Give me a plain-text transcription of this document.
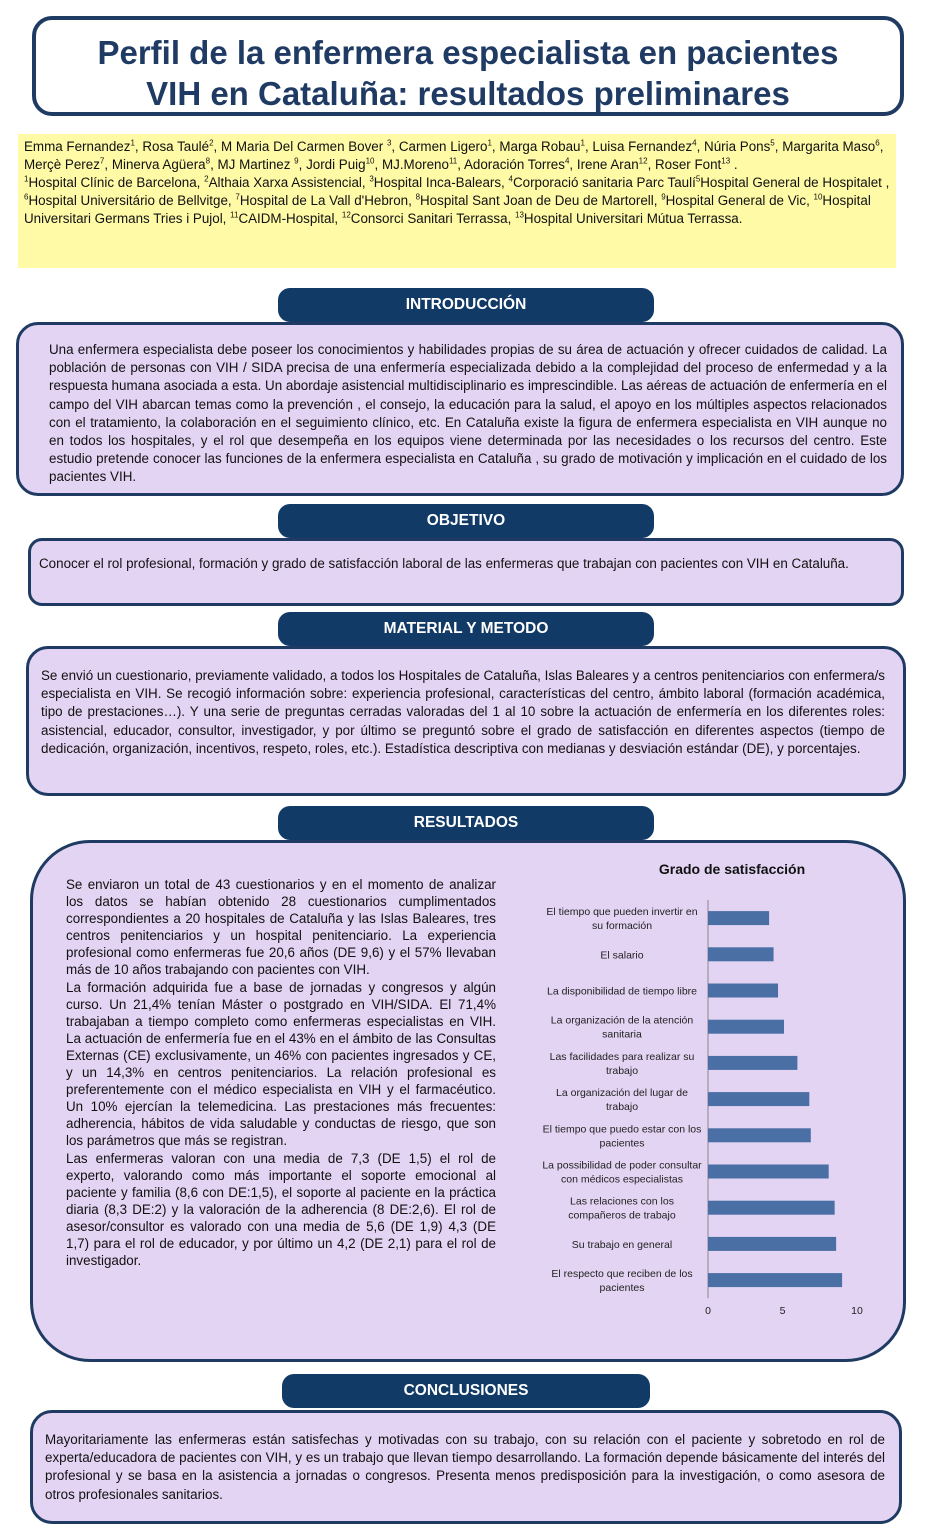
Perfil de la enfermera especialista en pacientes
VIH en Cataluña: resultados preliminares
Emma Fernandez$^1$, Rosa Taulé$^2$, M Maria Del Carmen Bover $^3$, Carmen Ligero$^1$, Marga Robau$^1$, Luisa Fernandez$^4$, Núria Pons$^5$, Margarita Maso$^6$, Merçè Perez$^7$, Minerva Agüera$^8$, MJ Martinez $^9$, Jordi Puig$^{10}$, MJ.Moreno$^{11}$, Adoración Torres$^4$, Irene Aran$^{12}$, Roser Font$^{13}$ .
$^1$Hospital Clínic de Barcelona, $^2$Althaia Xarxa Assistencial, $^3$Hospital Inca-Balears, $^4$Corporació sanitaria Parc Taulí$^5$Hospital General de Hospitalet , $^6$Hospital Universitário de Bellvitge, $^7$Hospital de La Vall d'Hebron, $^8$Hospital Sant Joan de Deu de Martorell, $^9$Hospital General de Vic, $^{10}$Hospital Universitari Germans Tries i Pujol, $^{11}$CAIDM-Hospital, $^{12}$Consorci Sanitari Terrassa, $^{13}$Hospital Universitari Mútua Terrassa.
INTRODUCCIÓN

Una enfermera especialista debe poseer los conocimientos y habilidades propias de su área de actuación y ofrecer cuidados de calidad. La población de personas con VIH / SIDA precisa de una enfermería especializada debido a la complejidad del proceso de enfermedad y a la respuesta humana asociada a esta. Un abordaje asistencial multidisciplinario es imprescindible. Las aéreas de actuación de enfermería en el campo del VIH abarcan temas como la prevención , el consejo, la educación para la salud, el apoyo en los múltiples aspectos relacionados con el tratamiento, la colaboración en el seguimiento clínico, etc. En Cataluña existe la figura de enfermera especialista en VIH aunque no en todos los hospitales, y el rol que desempeña en los equipos viene determinada por las necesidades o los recursos del centro. Este estudio pretende conocer las funciones de la enfermera especialista en Cataluña , su grado de motivación y implicación en el cuidado de los pacientes VIH.

OBJETIVO

Conocer el rol profesional, formación y grado de satisfacción laboral de las enfermeras que trabajan con pacientes con VIH en Cataluña.

MATERIAL Y METODO

Se envió un cuestionario, previamente validado, a todos los Hospitales de Cataluña, Islas Baleares y a centros penitenciarios con enfermera/s especialista en VIH. Se recogió información sobre: experiencia profesional, características del centro, ámbito laboral (formación académica, tipo de prestaciones…). Y una serie de preguntas cerradas valoradas del 1 al 10 sobre la actuación de enfermería en los diferentes roles: asistencial, educador, consultor, investigador, y por último se preguntó sobre el grado de satisfacción en diferentes aspectos (tiempo de dedicación, organización, incentivos, respeto, roles, etc.). Estadística descriptiva con medianas y desviación estándar (DE), y porcentajes.

RESULTADOS

Se enviaron un total de 43 cuestionarios y en el momento de analizar los datos se habían obtenido 28 cuestionarios cumplimentados correspondientes a 20 hospitales de Cataluña y las Islas Baleares, tres centros penitenciarios y un hospital penitenciario. La experiencia profesional como enfermeras fue 20,6 años (DE 9,6) y el 57% llevaban más de 10 años trabajando con pacientes con VIH.

La formación adquirida fue a base de jornadas y congresos y algún curso. Un 21,4% tenían Máster o postgrado en VIH/SIDA. El 71,4% trabajaban a tiempo completo como enfermeras especialistas en VIH. La actuación de enfermería fue en el 43% en el ámbito de las Consultas Externas (CE) exclusivamente, un 46% con pacientes ingresados y CE, y un 14,3% en centros penitenciarios. La relación profesional es preferentemente con el médico especialista en VIH y el farmacéutico. Un 10% ejercían la telemedicina. Las prestaciones más frecuentes: adherencia, hábitos de vida saludable y conductas de riesgo, que son los parámetros que más se registran.

Las enfermeras valoran con una media de 7,3 (DE 1,5) el rol de experto, valorando como más importante el soporte emocional al paciente y familia (8,6 con DE:1,5), el soporte al paciente en la práctica diaria (8,3 DE:2) y la valoración de la adherencia (8 DE:2,6). El rol de asesor/consultor es valorado con una media de 5,6 (DE 1,9) 4,3 (DE 1,7) para el rol de educador, y por último un 4,2 (DE 2,1) para el rol de investigador.

Grado de satisfacción
El tiempo que pueden invertir en
su formación
El salario
La disponibilidad de tiempo libre
La organización de la atención
sanitaria
Las facilidades para realizar su
trabajo
La organización del lugar de
trabajo
El tiempo que puedo estar con los
pacientes
La possibilidad de poder consultar
con médicos especialistas
Las relaciones con los
compañeros de trabajo
Su trabajo en general
El respecto que reciben de los
pacientes
0	5	10
CONCLUSIONES

Mayoritariamente las enfermeras están satisfechas y motivadas con su trabajo, con su relación con el paciente y sobretodo en rol de experta/educadora de pacientes con VIH, y es un trabajo que llevan tiempo desarrollando. La formación depende básicamente del interés del profesional y se basa en la asistencia a jornadas o congresos. Presenta menos predisposición para la investigación, o como asesora de otros profesionales sanitarios.
